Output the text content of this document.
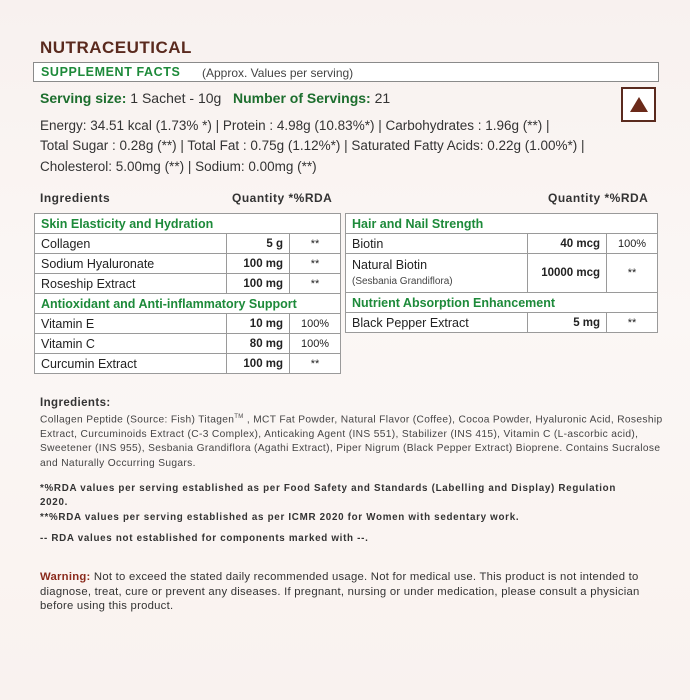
NUTRACEUTICAL
SUPPLEMENT FACTS (Approx. Values per serving)
Serving size: 1 Sachet - 10g Number of Servings: 21
Energy: 34.51 kcal (1.73% *) | Protein : 4.98g (10.83%*) | Carbohydrates : 1.96g (**) |
Total Sugar : 0.28g (**) | Total Fat : 0.75g (1.12%*) | Saturated Fatty Acids: 0.22g (1.00%*) |
Cholesterol: 5.00mg (**) | Sodium: 0.00mg (**)
Ingredients	Quantity *%RDA	Quantity *%RDA
Skin Elasticity and Hydration		
Collagen	5 g	**
Sodium Hyaluronate	100 mg	**
Roseship Extract	100 mg	**
Antioxidant and Anti-inflammatory Support		
Vitamin E	10 mg	100%
Vitamin C	80 mg	100%
Curcumin Extract	100 mg	**
Hair and Nail Strength		
Biotin	40 mcg	100%
Natural Biotin
(Sesbania Grandiflora)	10000 mcg	**
Nutrient Absorption Enhancement		
Black Pepper Extract	5 mg	**
Ingredients:
Collagen Peptide (Source: Fish) Titagen™ , MCT Fat Powder, Natural Flavor (Coffee), Cocoa Powder, Hyaluronic Acid, Roseship Extract, Curcuminoids Extract (C-3 Complex), Anticaking Agent (INS 551), Stabilizer (INS 415), Vitamin C (L-ascorbic acid), Sweetener (INS 955), Sesbania Grandiflora (Agathi Extract), Piper Nigrum (Black Pepper Extract) Bioprene. Contains Sucralose and Naturally Occurring Sugars.
*%RDA values per serving established as per Food Safety and Standards (Labelling and Display) Regulation 2020.
**%RDA values per serving established as per ICMR 2020 for Women with sedentary work.
-- RDA values not established for components marked with --.
Warning: Not to exceed the stated daily recommended usage. Not for medical use. This product is not intended to diagnose, treat, cure or prevent any diseases. If pregnant, nursing or under medication, please consult a physician before using this product.
